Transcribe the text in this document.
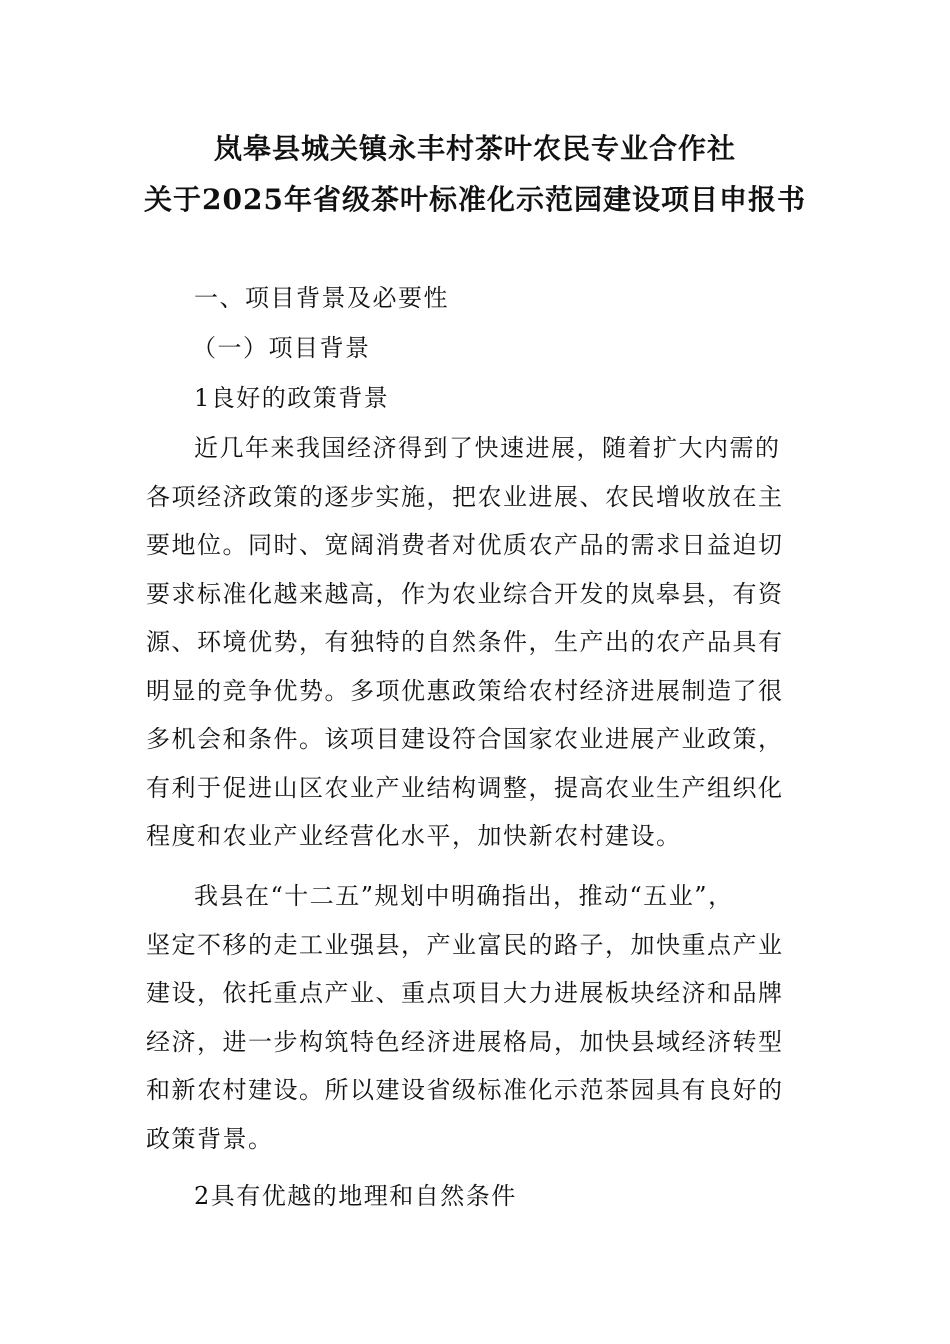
岚皋县城关镇永丰村茶叶农民专业合作社
关于2025年省级茶叶标准化示范园建设项目申报书
一、项目背景及必要性
（一）项目背景
1良好的政策背景
近几年来我国经济得到了快速进展，随着扩大内需的
各项经济政策的逐步实施，把农业进展、农民增收放在主
要地位。同时、宽阔消费者对优质农产品的需求日益迫切
要求标准化越来越高，作为农业综合开发的岚皋县，有资
源、环境优势，有独特的自然条件，生产出的农产品具有
明显的竞争优势。多项优惠政策给农村经济进展制造了很
多机会和条件。该项目建设符合国家农业进展产业政策，
有利于促进山区农业产业结构调整，提高农业生产组织化
程度和农业产业经营化水平，加快新农村建设。
我县在“十二五”规划中明确指出，推动“五业”，
坚定不移的走工业强县，产业富民的路子，加快重点产业
建设，依托重点产业、重点项目大力进展板块经济和品牌
经济，进一步构筑特色经济进展格局，加快县域经济转型
和新农村建设。所以建设省级标准化示范茶园具有良好的
政策背景。
2具有优越的地理和自然条件
